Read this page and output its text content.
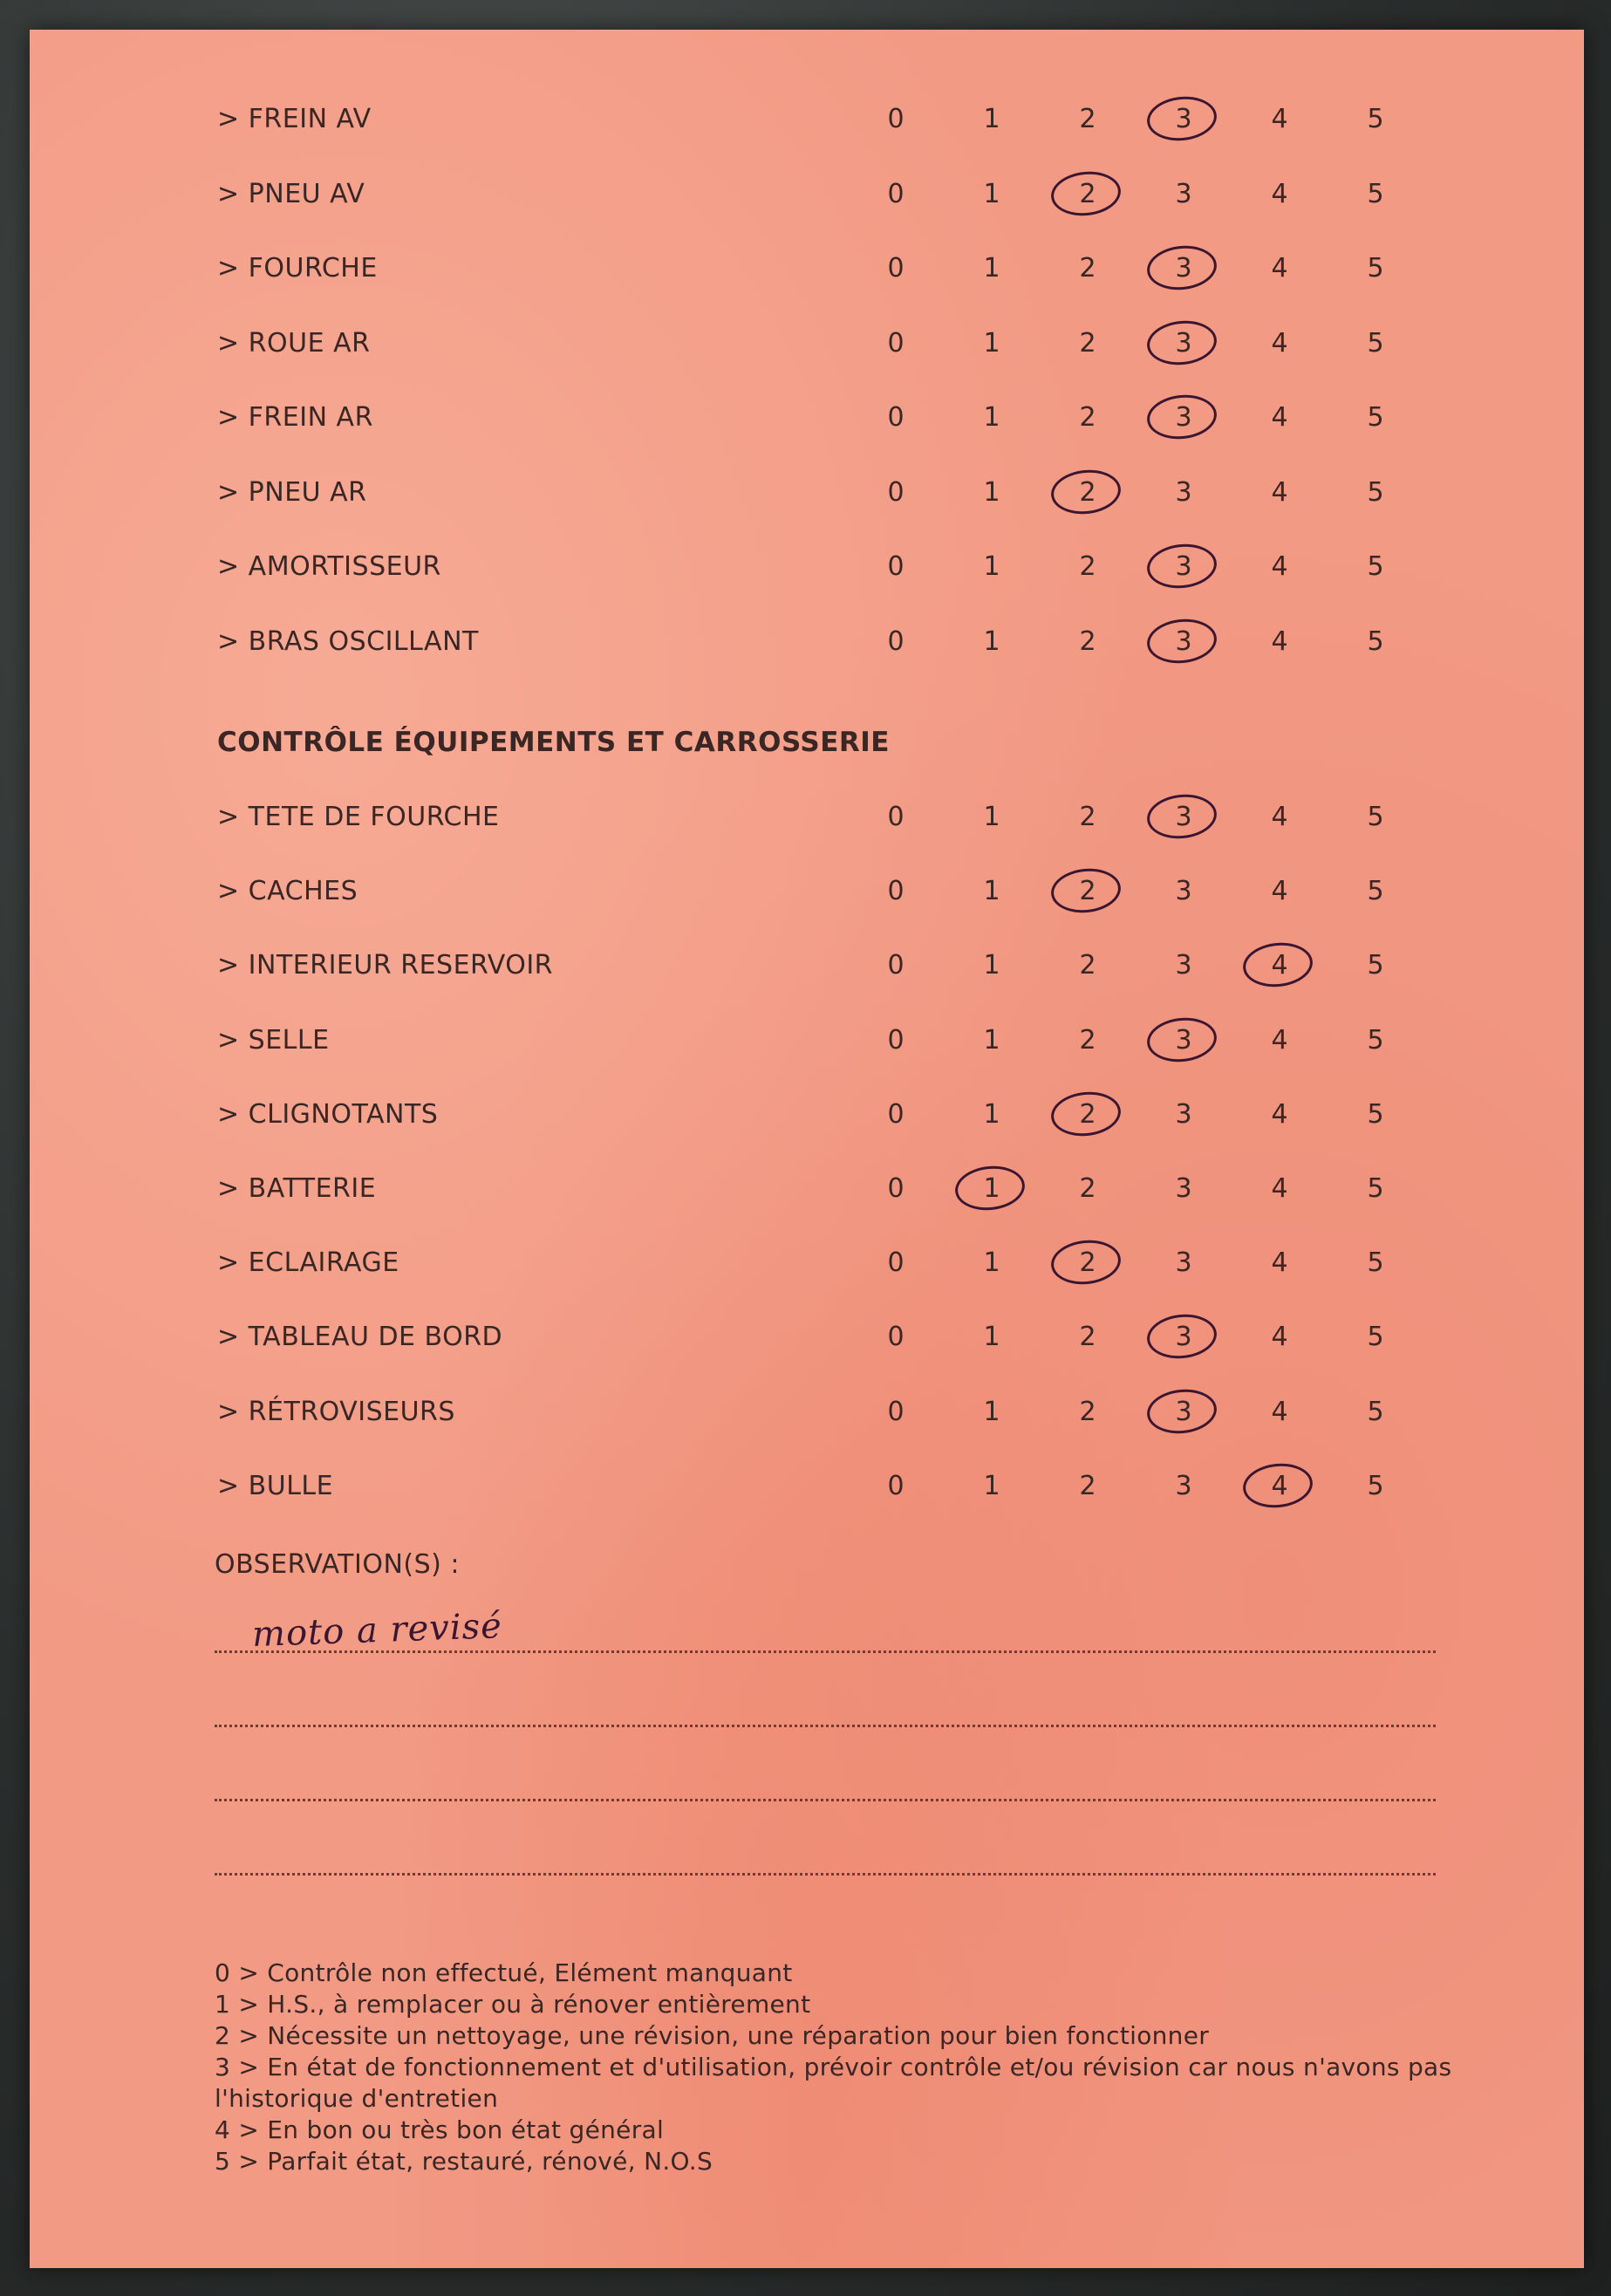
> FREIN AV	0	1	2	3	4	5
> PNEU AV	0	1	2	3	4	5
> FOURCHE	0	1	2	3	4	5
> ROUE AR	0	1	2	3	4	5
> FREIN AR	0	1	2	3	4	5
> PNEU AR	0	1	2	3	4	5
> AMORTISSEUR	0	1	2	3	4	5
> BRAS OSCILLANT	0	1	2	3	4	5
CONTRÔLE ÉQUIPEMENTS ET CARROSSERIE
> TETE DE FOURCHE	0	1	2	3	4	5
> CACHES	0	1	2	3	4	5
> INTERIEUR RESERVOIR	0	1	2	3	4	5
> SELLE	0	1	2	3	4	5
> CLIGNOTANTS	0	1	2	3	4	5
> BATTERIE	0	1	2	3	4	5
> ECLAIRAGE	0	1	2	3	4	5
> TABLEAU DE BORD	0	1	2	3	4	5
> RÉTROVISEURS	0	1	2	3	4	5
> BULLE	0	1	2	3	4	5
OBSERVATION(S) :
moto a revisé
0 > Contrôle non effectué, Elément manquant
1 > H.S., à remplacer ou à rénover entièrement
2 > Nécessite un nettoyage, une révision, une réparation pour bien fonctionner
3 > En état de fonctionnement et d'utilisation, prévoir contrôle et/ou révision car nous n'avons pas l'historique d'entretien
4 > En bon ou très bon état général
5 > Parfait état, restauré, rénové, N.O.S
